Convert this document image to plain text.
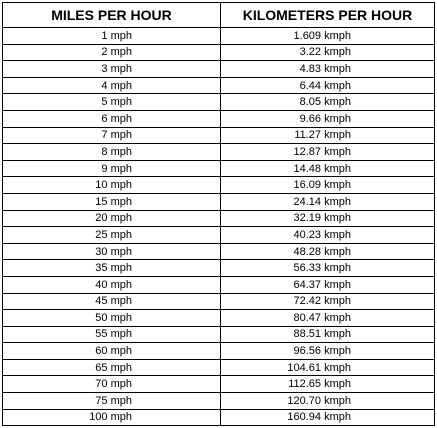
MILES PER HOUR	KILOMETERS PER HOUR
1 mph	1.609 kmph
2 mph	3.22 kmph
3 mph	4.83 kmph
4 mph	6.44 kmph
5 mph	8.05 kmph
6 mph	9.66 kmph
7 mph	11.27 kmph
8 mph	12.87 kmph
9 mph	14.48 kmph
10 mph	16.09 kmph
15 mph	24.14 kmph
20 mph	32.19 kmph
25 mph	40.23 kmph
30 mph	48.28 kmph
35 mph	56.33 kmph
40 mph	64.37 kmph
45 mph	72.42 kmph
50 mph	80.47 kmph
55 mph	88.51 kmph
60 mph	96.56 kmph
65 mph	104.61 kmph
70 mph	112.65 kmph
75 mph	120.70 kmph
100 mph	160.94 kmph
